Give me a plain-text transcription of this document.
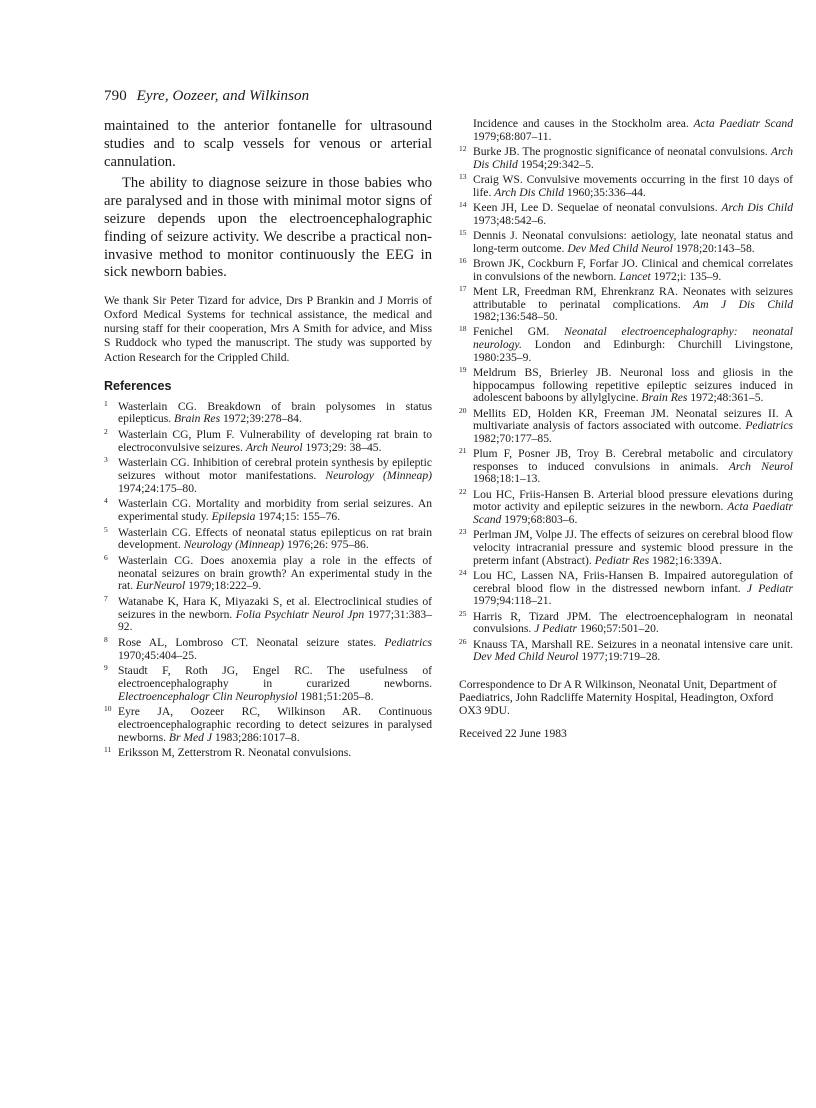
790 Eyre, Oozeer, and Wilkinson

maintained to the anterior fontanelle for ultrasound studies and to scalp vessels for venous or arterial cannulation.

The ability to diagnose seizure in those babies who are paralysed and in those with minimal motor signs of seizure depends upon the electroencephalographic finding of seizure activity. We describe a practical non-invasive method to monitor continuously the EEG in sick newborn babies.

We thank Sir Peter Tizard for advice, Drs P Brankin and J Morris of Oxford Medical Systems for technical assistance, the medical and nursing staff for their cooperation, Mrs A Smith for advice, and Miss S Ruddock who typed the manuscript. The study was supported by Action Research for the Crippled Child.

References
1 Wasterlain CG. Breakdown of brain polysomes in status epilepticus. Brain Res 1972;39:278–84.
2 Wasterlain CG, Plum F. Vulnerability of developing rat brain to electroconvulsive seizures. Arch Neurol 1973;29: 38–45.
3 Wasterlain CG. Inhibition of cerebral protein synthesis by epileptic seizures without motor manifestations. Neurology (Minneap) 1974;24:175–80.
4 Wasterlain CG. Mortality and morbidity from serial seizures. An experimental study. Epilepsia 1974;15: 155–76.
5 Wasterlain CG. Effects of neonatal status epilepticus on rat brain development. Neurology (Minneap) 1976;26: 975–86.
6 Wasterlain CG. Does anoxemia play a role in the effects of neonatal seizures on brain growth? An experimental study in the rat. EurNeurol 1979;18:222–9.
7 Watanabe K, Hara K, Miyazaki S, et al. Electroclinical studies of seizures in the newborn. Folia Psychiatr Neurol Jpn 1977;31:383–92.
8 Rose AL, Lombroso CT. Neonatal seizure states. Pediatrics 1970;45:404–25.
9 Staudt F, Roth JG, Engel RC. The usefulness of electroencephalography in curarized newborns. Electroencephalogr Clin Neurophysiol 1981;51:205–8.
10 Eyre JA, Oozeer RC, Wilkinson AR. Continuous electroencephalographic recording to detect seizures in paralysed newborns. Br Med J 1983;286:1017–8.
11 Eriksson M, Zetterstrom R. Neonatal convulsions.
Incidence and causes in the Stockholm area. Acta Paediatr Scand 1979;68:807–11.
12 Burke JB. The prognostic significance of neonatal convulsions. Arch Dis Child 1954;29:342–5.
13 Craig WS. Convulsive movements occurring in the first 10 days of life. Arch Dis Child 1960;35:336–44.
14 Keen JH, Lee D. Sequelae of neonatal convulsions. Arch Dis Child 1973;48:542–6.
15 Dennis J. Neonatal convulsions: aetiology, late neonatal status and long-term outcome. Dev Med Child Neurol 1978;20:143–58.
16 Brown JK, Cockburn F, Forfar JO. Clinical and chemical correlates in convulsions of the newborn. Lancet 1972;i: 135–9.
17 Ment LR, Freedman RM, Ehrenkranz RA. Neonates with seizures attributable to perinatal complications. Am J Dis Child 1982;136:548–50.
18 Fenichel GM. Neonatal electroencephalography: neonatal neurology. London and Edinburgh: Churchill Livingstone, 1980:235–9.
19 Meldrum BS, Brierley JB. Neuronal loss and gliosis in the hippocampus following repetitive epileptic seizures induced in adolescent baboons by allylglycine. Brain Res 1972;48:361–5.
20 Mellits ED, Holden KR, Freeman JM. Neonatal seizures II. A multivariate analysis of factors associated with outcome. Pediatrics 1982;70:177–85.
21 Plum F, Posner JB, Troy B. Cerebral metabolic and circulatory responses to induced convulsions in animals. Arch Neurol 1968;18:1–13.
22 Lou HC, Friis-Hansen B. Arterial blood pressure elevations during motor activity and epileptic seizures in the newborn. Acta Paediatr Scand 1979;68:803–6.
23 Perlman JM, Volpe JJ. The effects of seizures on cerebral blood flow velocity intracranial pressure and systemic blood pressure in the preterm infant (Abstract). Pediatr Res 1982;16:339A.
24 Lou HC, Lassen NA, Friis-Hansen B. Impaired autoregulation of cerebral blood flow in the distressed newborn infant. J Pediatr 1979;94:118–21.
25 Harris R, Tizard JPM. The electroencephalogram in neonatal convulsions. J Pediatr 1960;57:501–20.
26 Knauss TA, Marshall RE. Seizures in a neonatal intensive care unit. Dev Med Child Neurol 1977;19:719–28.

Correspondence to Dr A R Wilkinson, Neonatal Unit, Department of Paediatrics, John Radcliffe Maternity Hospital, Headington, Oxford OX3 9DU.

Received 22 June 1983
